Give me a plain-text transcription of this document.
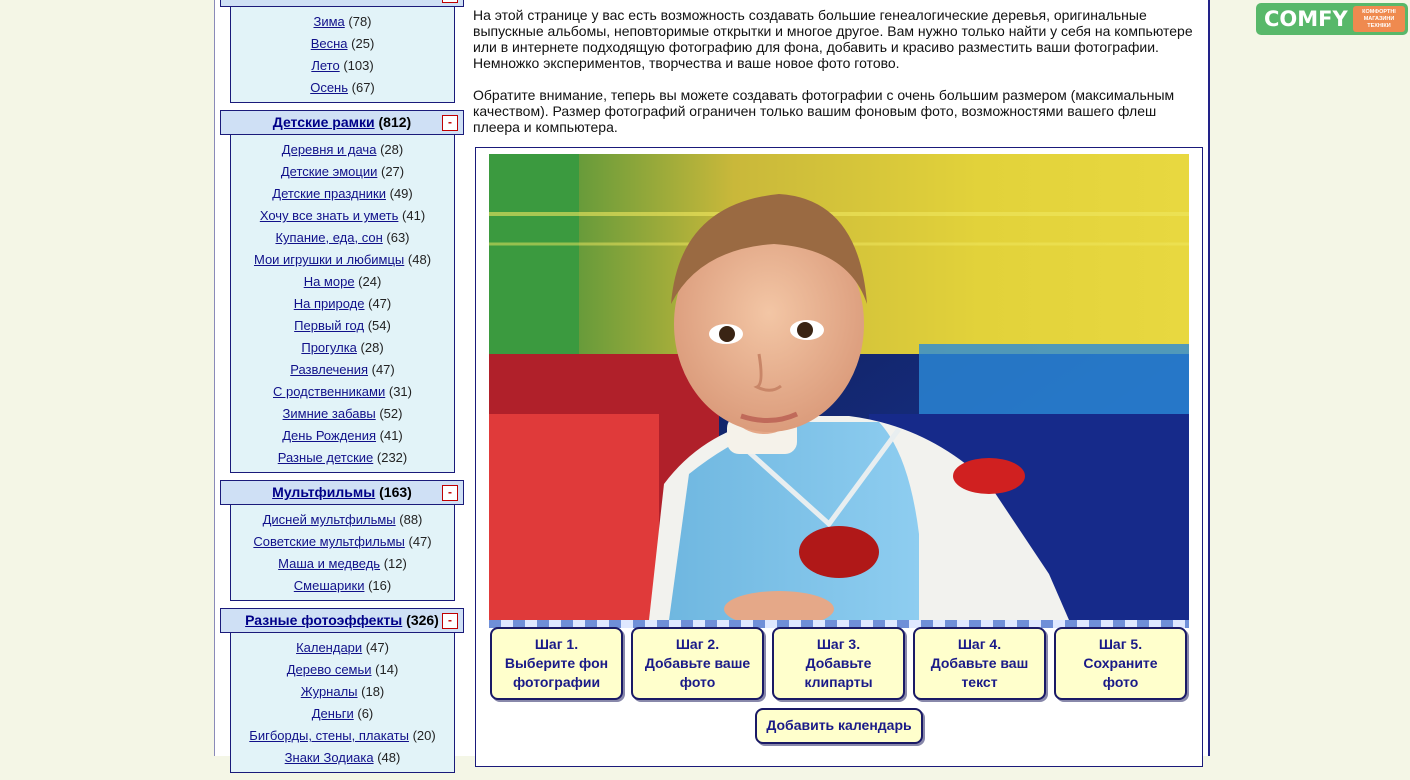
Зима (78)
Весна (25)
Лето (103)
Осень (67)
Детские рамки (812)	-
Деревня и дача (28)
Детские эмоции (27)
Детские праздники (49)
Хочу все знать и уметь (41)
Купание, еда, сон (63)
Мои игрушки и любимцы (48)
На море (24)
На природе (47)
Первый год (54)
Прогулка (28)
Развлечения (47)
С родственниками (31)
Зимние забавы (52)
День Рождения (41)
Разные детские (232)
Мультфильмы (163)	-
Дисней мультфильмы (88)
Советские мультфильмы (47)
Маша и медведь (12)
Смешарики (16)
Разные фотоэффекты (326) -
Календари (47)
Дерево семьи (14)
Журналы (18)
Деньги (6)
Бигборды, стены, плакаты (20)
Знаки Зодиака (48)

На этой странице у вас есть возможность создавать большие генеалогические деревья, оригинальные выпускные альбомы, неповторимые открытки и многое другое. Вам нужно только найти у себя на компьютере или в интернете подходящую фотографию для фона, добавить и красиво разместить ваши фотографии. Немножко экспериментов, творчества и ваше новое фото готово.

Обратите внимание, теперь вы можете создавать фотографии с очень большим размером (максимальным качеством). Размер фотографий ограничен только вашим фоновым фото, возможностями вашего флеш плеера и компьютера.

Шаг 1.
Выберите фон
фотографии
Шаг 2.
Добавьте ваше
фото
Шаг 3.
Добавьте
клипарты
Шаг 4.
Добавьте ваш
текст
Шаг 5.
Сохраните
фото
Добавить календарь
COMFY	КОМФОРТНІ
МАГАЗИНИ
ТЕХНІКИ
